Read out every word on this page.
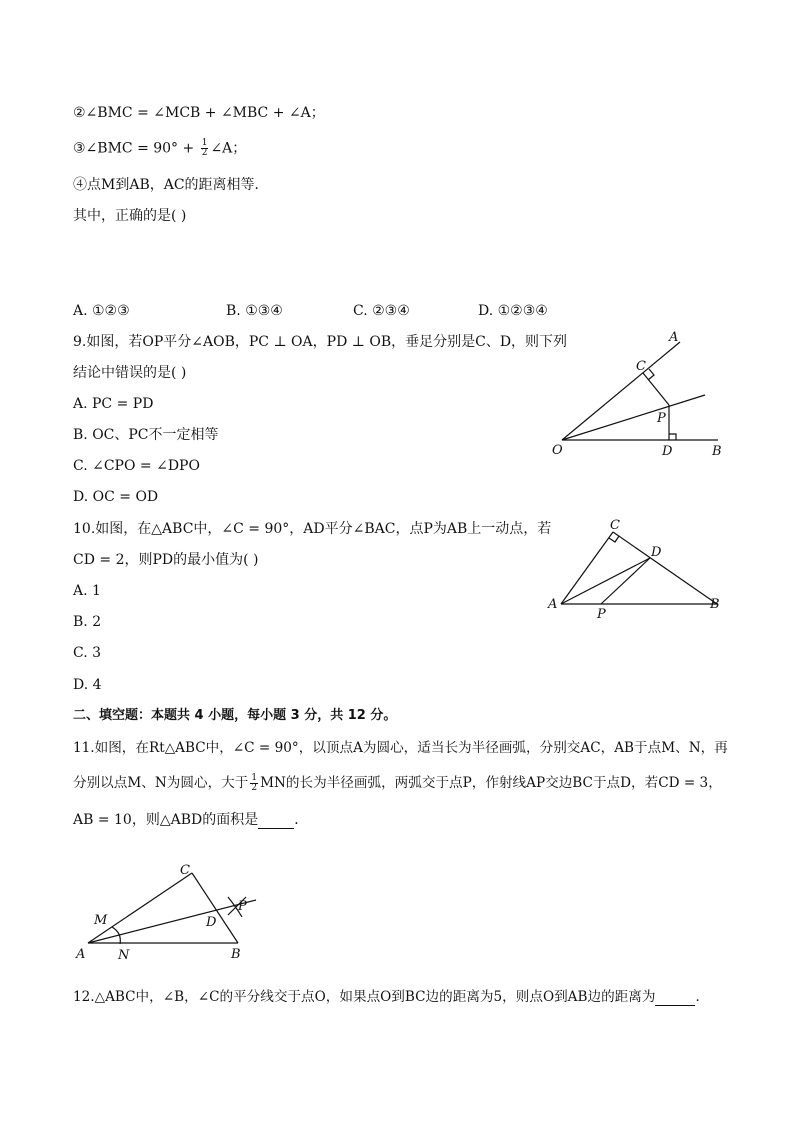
②∠BMC = ∠MCB + ∠MBC + ∠A；
③∠BMC = $90^\circ + \frac{1}{2}$ ∠A；
④点M到AB，AC的距离相等．
其中，正确的是( )
A. ①②③	B. ①③④	C. ②③④	D. ①②③④
9.如图，若OP平分∠AOB，PC ⊥ OA，PD ⊥ OB，垂足分别是C、D，则下列
结论中错误的是( )
A. PC = PD
B. OC、PC不一定相等
C. ∠CPO = ∠DPO
D. OC = OD
A
C
P
O	D	B
10.如图，在△ABC中，∠C = 90°，AD平分∠BAC，点P为AB上一动点，若
CD = 2，则PD的最小值为( )
A. 1
B. 2
C. 3
D. 4
C
D
A
P
B
二、填空题：本题共 4 小题，每小题 3 分，共 12 分。
11.如图，在Rt△ABC中，∠C = 90°，以顶点A为圆心，适当长为半径画弧，分别交AC，AB于点M、N，再
分别以点M、N为圆心，大于 $\frac{1}{2}$ MN的长为半径画弧，两弧交于点P，作射线AP交边BC于点D，若CD = 3，
AB = 10，则△ABD的面积是	．
C
P
M	D
A	N	B
12.△ABC中，∠B，∠C的平分线交于点O，如果点O到BC边的距离为5，则点O到AB边的距离为	．
